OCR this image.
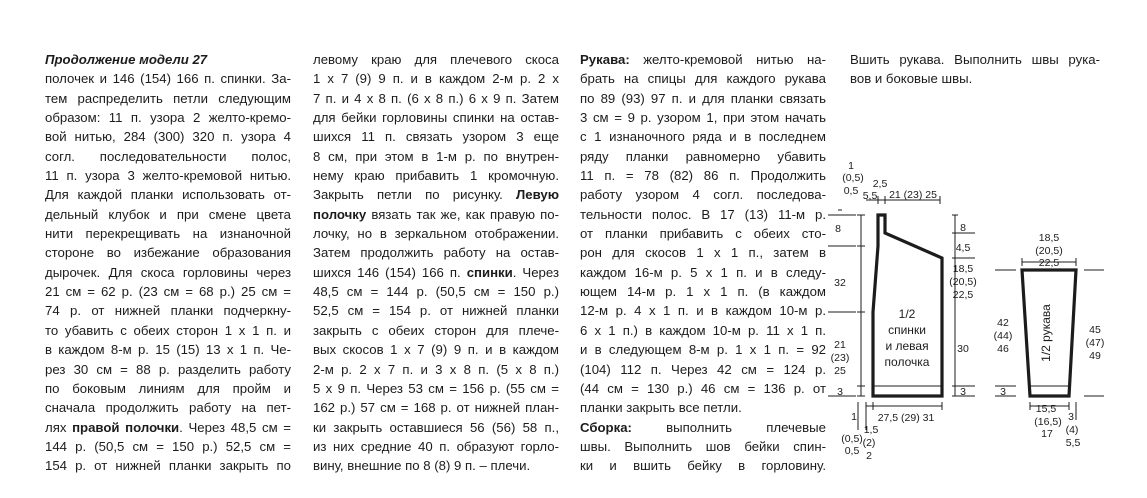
Продолжение модели 27
полочек и 146 (154) 166 п. спинки. За-
тем распределить петли следующим
образом: 11 п. узора 2 желто-кремо-
вой нитью, 284 (300) 320 п. узора 4
согл. последовательности полос,
11 п. узора 3 желто-кремовой нитью.
Для каждой планки использовать от-
дельный клубок и при смене цвета
нити перекрещивать на изнаночной
стороне во избежание образования
дырочек. Для скоса горловины через
21 см = 62 р. (23 см = 68 р.) 25 см =
74 р. от нижней планки подчеркну-
то убавить с обеих сторон 1 х 1 п. и
в каждом 8-м р. 15 (15) 13 х 1 п. Че-
рез 30 см = 88 р. разделить работу
по боковым линиям для пройм и
сначала продолжить работу на пет-
лях правой полочки. Через 48,5 см =
144 р. (50,5 см = 150 р.) 52,5 см =
154 р. от нижней планки закрыть по
левому краю для плечевого скоса
1 х 7 (9) 9 п. и в каждом 2-м р. 2 х
7 п. и 4 х 8 п. (6 х 8 п.) 6 х 9 п. Затем
для бейки горловины спинки на остав-
шихся 11 п. связать узором 3 еще
8 см, при этом в 1-м р. по внутрен-
нему краю прибавить 1 кромочную.
Закрыть петли по рисунку. Левую
полочку вязать так же, как правую по-
лочку, но в зеркальном отображении.
Затем продолжить работу на остав-
шихся 146 (154) 166 п. спинки. Через
48,5 см = 144 р. (50,5 см = 150 р.)
52,5 см = 154 р. от нижней планки
закрыть с обеих сторон для плече-
вых скосов 1 х 7 (9) 9 п. и в каждом
2-м р. 2 х 7 п. и 3 х 8 п. (5 х 8 п.)
5 х 9 п. Через 53 см = 156 р. (55 см =
162 р.) 57 см = 168 р. от нижней план-
ки закрыть оставшиеся 56 (56) 58 п.,
из них средние 40 п. образуют горло-
вину, внешние по 8 (8) 9 п. – плечи.
Рукава: желто-кремовой нитью на-
брать на спицы для каждого рукава
по 89 (93) 97 п. и для планки связать
3 см = 9 р. узором 1, при этом начать
с 1 изнаночного ряда и в последнем
ряду планки равномерно убавить
11 п. = 78 (82) 86 п. Продолжить
работу узором 4 согл. последова-
тельности полос. В 17 (13) 11-м р.
от планки прибавить с обеих сто-
рон для скосов 1 х 1 п., затем в
каждом 16-м р. 5 х 1 п. и в следу-
ющем 14-м р. 1 х 1 п. (в каждом
12-м р. 4 х 1 п. и в каждом 10-м р.
6 х 1 п.) в каждом 10-м р. 11 х 1 п.
и в следующем 8-м р. 1 х 1 п. = 92
(104) 112 п. Через 42 см = 124 р.
(44 см = 130 р.) 46 см = 136 р. от
планки закрыть все петли.
Сборка: выполнить плечевые
швы. Выполнить шов бейки спин-
ки и вшить бейку в горловину.
Вшить рукава. Выполнить швы рука-
вов и боковые швы.
1/2
спинки
и левая
полочка
1/2 рукава
1
(0,5)
0,5 5,5
2,5
21 (23) 25
8
32
21
(23)
25
3
8
4,5
18,5
(20,5)
22,5
30
3
1
1,5
(0,5) (2)
0,5 2
27,5 (29) 31
18,5
(20,5)
22,5
42
(44)
46
3
45
(47)
49
15,5
(16,5)
17
3
(4)
5,5
